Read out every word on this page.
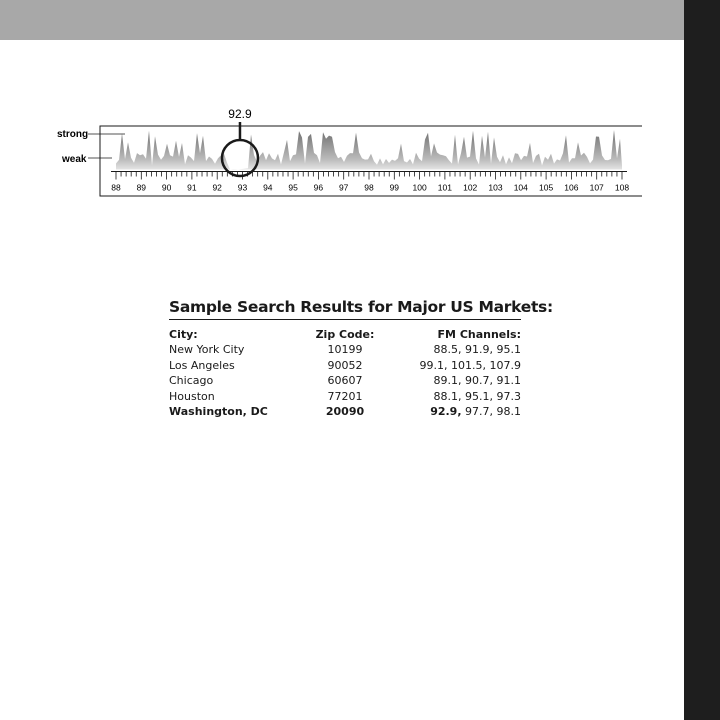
88 89 90 91 92 93 94 95 96 97 98 99 100 101 102 103 104 105 106 107 108
strong
weak
92.9
Sample Search Results for Major US Markets:
City:	Zip Code:	FM Channels:
New York City	10199	88.5, 91.9, 95.1
Los Angeles	90052	99.1, 101.5, 107.9
Chicago	60607	89.1, 90.7, 91.1
Houston	77201	88.1, 95.1, 97.3
Washington, DC	20090	92.9, 97.7, 98.1
